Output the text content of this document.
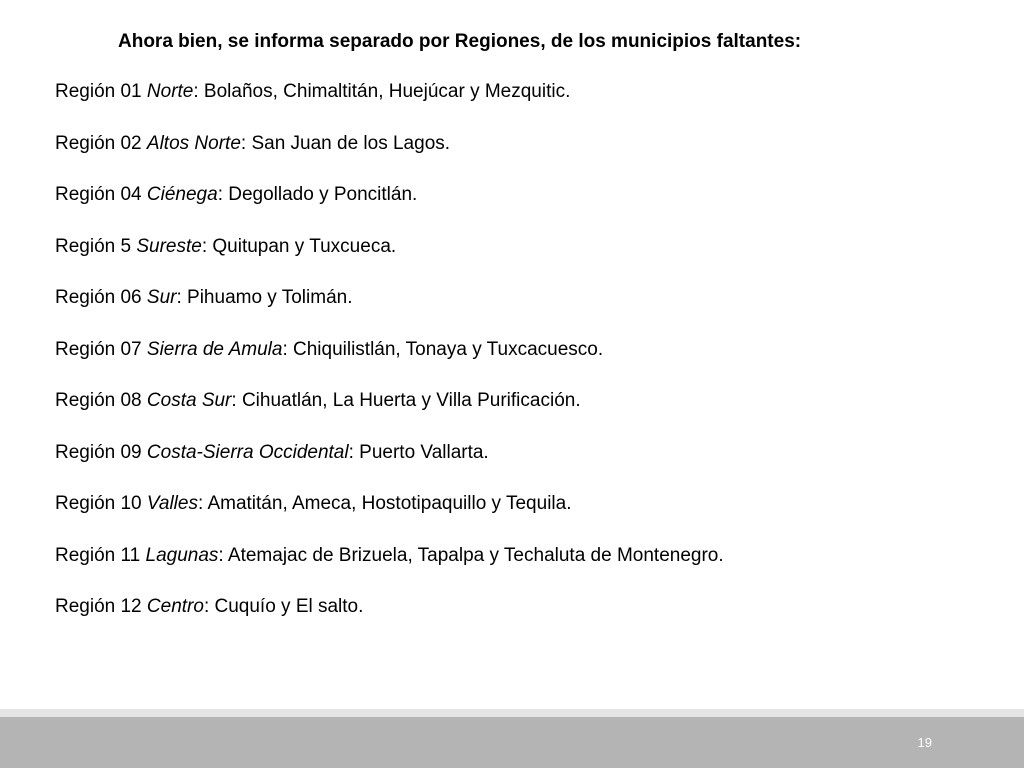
Ahora bien, se informa separado por Regiones, de los municipios faltantes:
Región 01 Norte: Bolaños, Chimaltitán, Huejúcar y Mezquitic.
Región 02 Altos Norte: San Juan de los Lagos.
Región 04 Ciénega: Degollado y Poncitlán.
Región 5 Sureste: Quitupan y Tuxcueca.
Región 06 Sur: Pihuamo y Tolimán.
Región 07 Sierra de Amula: Chiquilistlán, Tonaya y Tuxcacuesco.
Región 08 Costa Sur: Cihuatlán, La Huerta y Villa Purificación.
Región 09 Costa-Sierra Occidental: Puerto Vallarta.
Región 10 Valles: Amatitán, Ameca, Hostotipaquillo y Tequila.
Región 11 Lagunas: Atemajac de Brizuela, Tapalpa y Techaluta de Montenegro.
Región 12 Centro: Cuquío y El salto.
19
